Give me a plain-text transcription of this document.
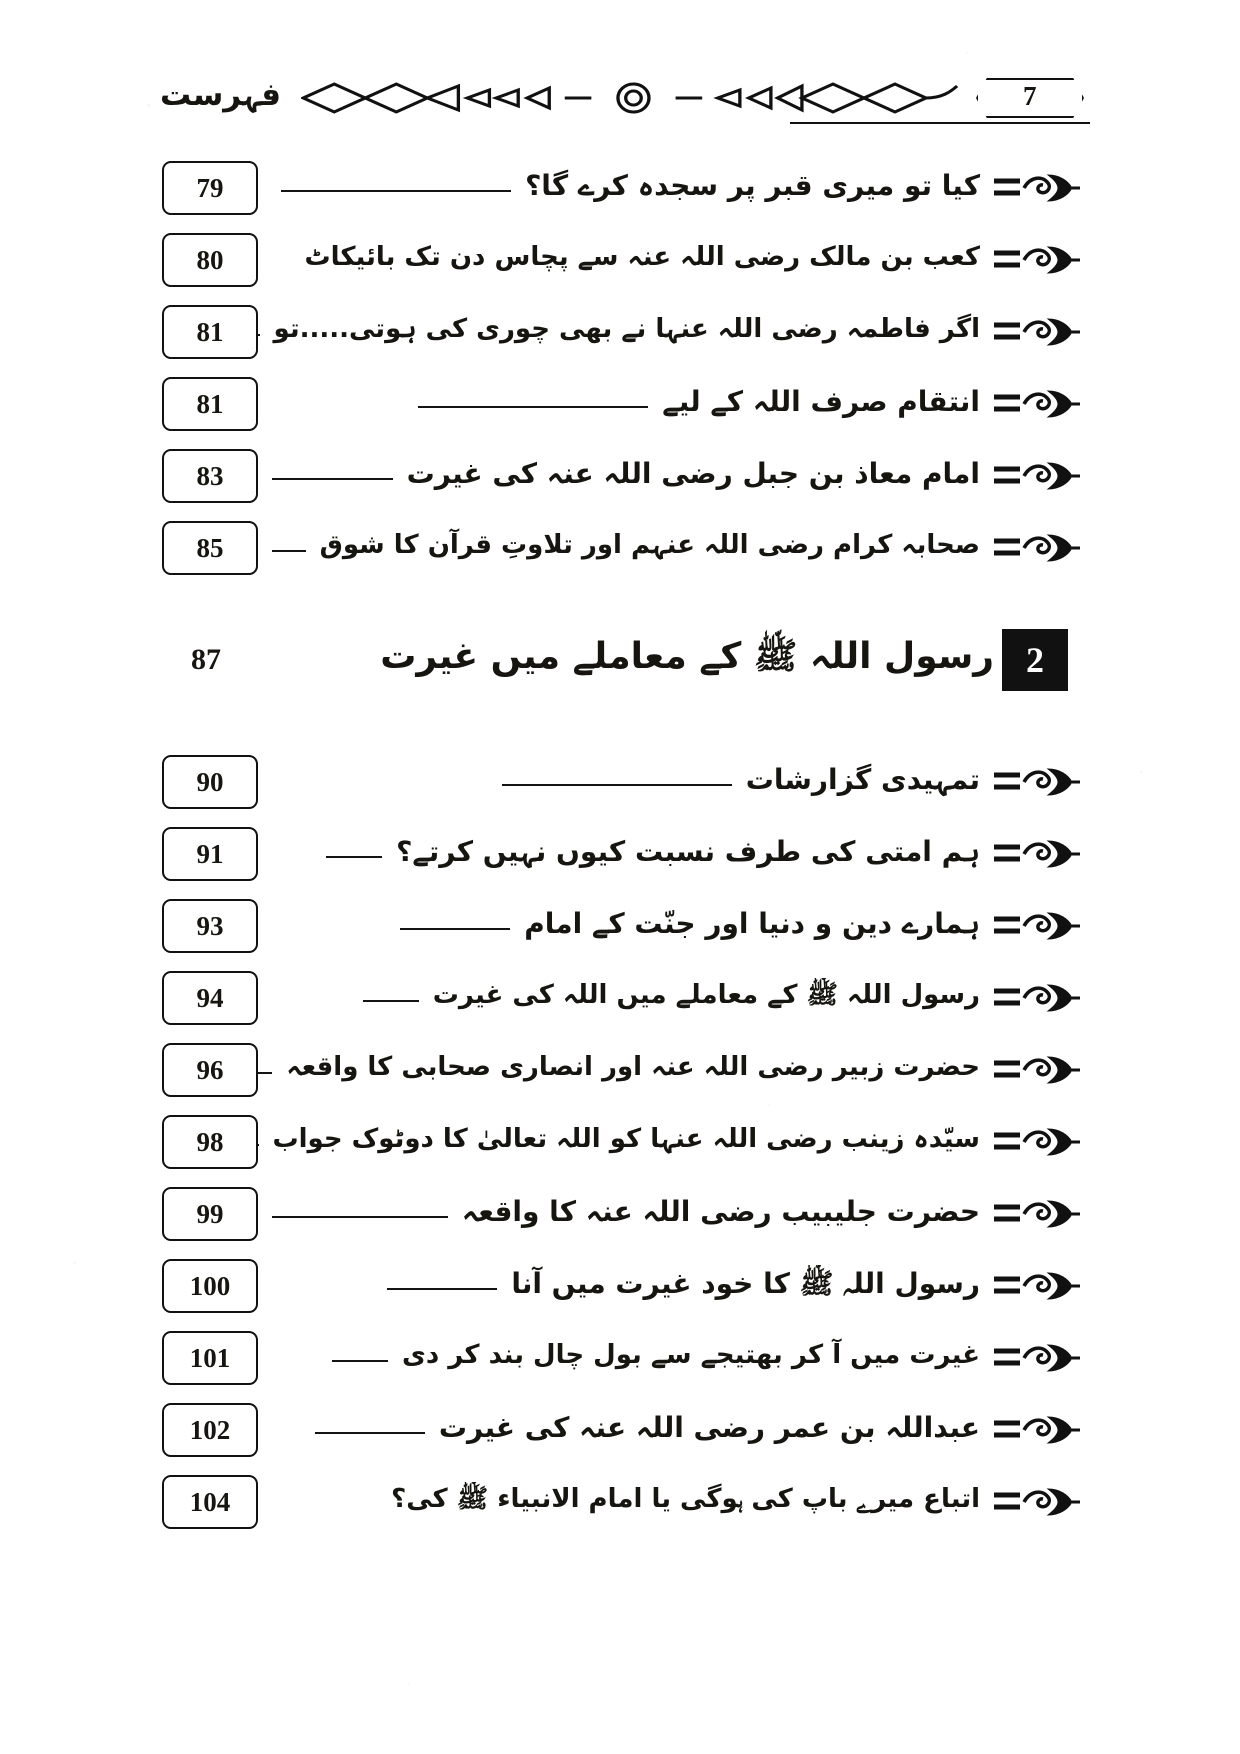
7
فہرست
کیا تو میری قبر پر سجدہ کرے گا؟
79
کعب بن مالک رضی اللہ عنہ سے پچاس دن تک بائیکاٹ
80
اگر فاطمہ رضی اللہ عنہا نے بھی چوری کی ہوتی.....تو
81
انتقام صرف اللہ کے لیے
81
امام معاذ بن جبل رضی اللہ عنہ کی غیرت
83
صحابہ کرام رضی اللہ عنہم اور تلاوتِ قرآن کا شوق
85
2
رسول اللہ ﷺ کے معاملے میں غیرت
87
تمہیدی گزارشات
90
ہم امتی کی طرف نسبت کیوں نہیں کرتے؟
91
ہمارے دین و دنیا اور جنّت کے امام
93
رسول اللہ ﷺ کے معاملے میں اللہ کی غیرت
94
حضرت زبیر رضی اللہ عنہ اور انصاری صحابی کا واقعہ
96
سیّدہ زینب رضی اللہ عنہا کو اللہ تعالیٰ کا دوٹوک جواب
98
حضرت جلیبیب رضی اللہ عنہ کا واقعہ
99
رسول اللہ ﷺ کا خود غیرت میں آنا
100
غیرت میں آ کر بھتیجے سے بول چال بند کر دی
101
عبداللہ بن عمر رضی اللہ عنہ کی غیرت
102
اتباع میرے باپ کی ہوگی یا امام الانبیاء ﷺ کی؟
104
